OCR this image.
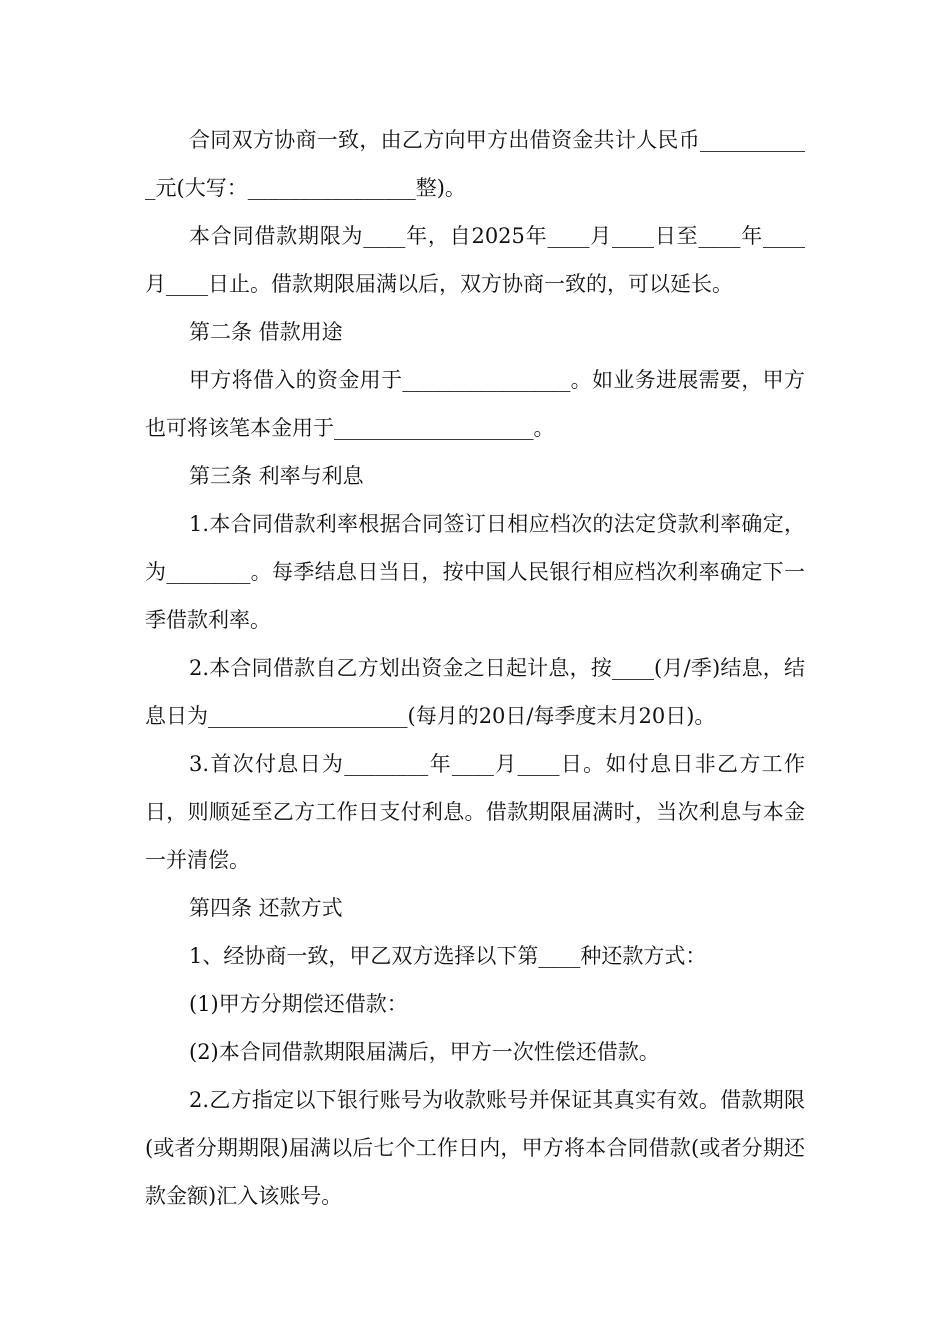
合同双方协商一致，由乙方向甲方出借资金共计人民币___________元(大写：________________整)。

本合同借款期限为____年，自2025年____月____日至____年____月____日止。借款期限届满以后，双方协商一致的，可以延长。

第二条 借款用途

甲方将借入的资金用于________________。如业务进展需要，甲方也可将该笔本金用于___________________。

第三条 利率与利息

1.本合同借款利率根据合同签订日相应档次的法定贷款利率确定，为________。每季结息日当日，按中国人民银行相应档次利率确定下一季借款利率。

2.本合同借款自乙方划出资金之日起计息，按____(月/季)结息，结息日为___________________(每月的20日/每季度末月20日)。

3.首次付息日为________年____月____日。如付息日非乙方工作日，则顺延至乙方工作日支付利息。借款期限届满时，当次利息与本金一并清偿。

第四条 还款方式

1、经协商一致，甲乙双方选择以下第____种还款方式：

(1)甲方分期偿还借款：

(2)本合同借款期限届满后，甲方一次性偿还借款。

2.乙方指定以下银行账号为收款账号并保证其真实有效。借款期限(或者分期期限)届满以后七个工作日内，甲方将本合同借款(或者分期还款金额)汇入该账号。
